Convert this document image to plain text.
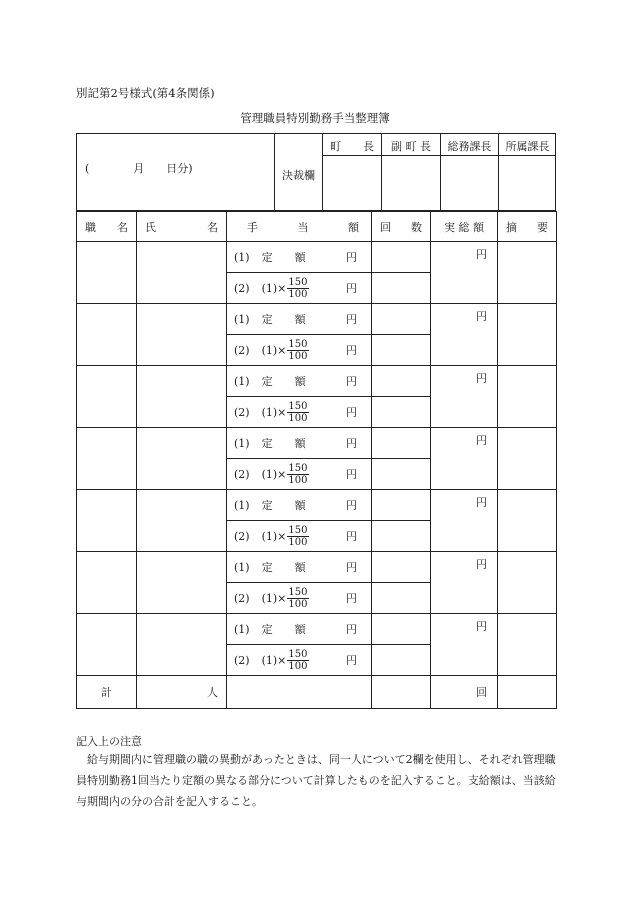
別記第2号様式(第4条関係)
管理職員特別勤務手当整理簿
(　　　　月　　日分)
決裁欄
町　　長	副 町 長	総務課長	所属課長
職 名	氏 名	手 当 額	回 数	実 総 額	摘 要

		(1) 定　　額 円		円	

		(2) $(1)\times \frac{150}{100}$ 円			

		(1) 定　　額 円		円	

		(2) $(1)\times \frac{150}{100}$ 円			

		(1) 定　　額 円		円	

		(2) $(1)\times \frac{150}{100}$ 円			

		(1) 定　　額 円		円	

		(2) $(1)\times \frac{150}{100}$ 円			

		(1) 定　　額 円		円	

		(2) $(1)\times \frac{150}{100}$ 円			

		(1) 定　　額 円		円	

		(2) $(1)\times \frac{150}{100}$ 円			

		(1) 定　　額 円		円	

		(2) $(1)\times \frac{150}{100}$ 円			

計	人			回	
記入上の注意
給与期間内に管理職の職の異動があったときは、同一人について2欄を使用し、それぞれ管理職員特別勤務1回当たり定額の異なる部分について計算したものを記入すること。支給額は、当該給与期間内の分の合計を記入すること。
